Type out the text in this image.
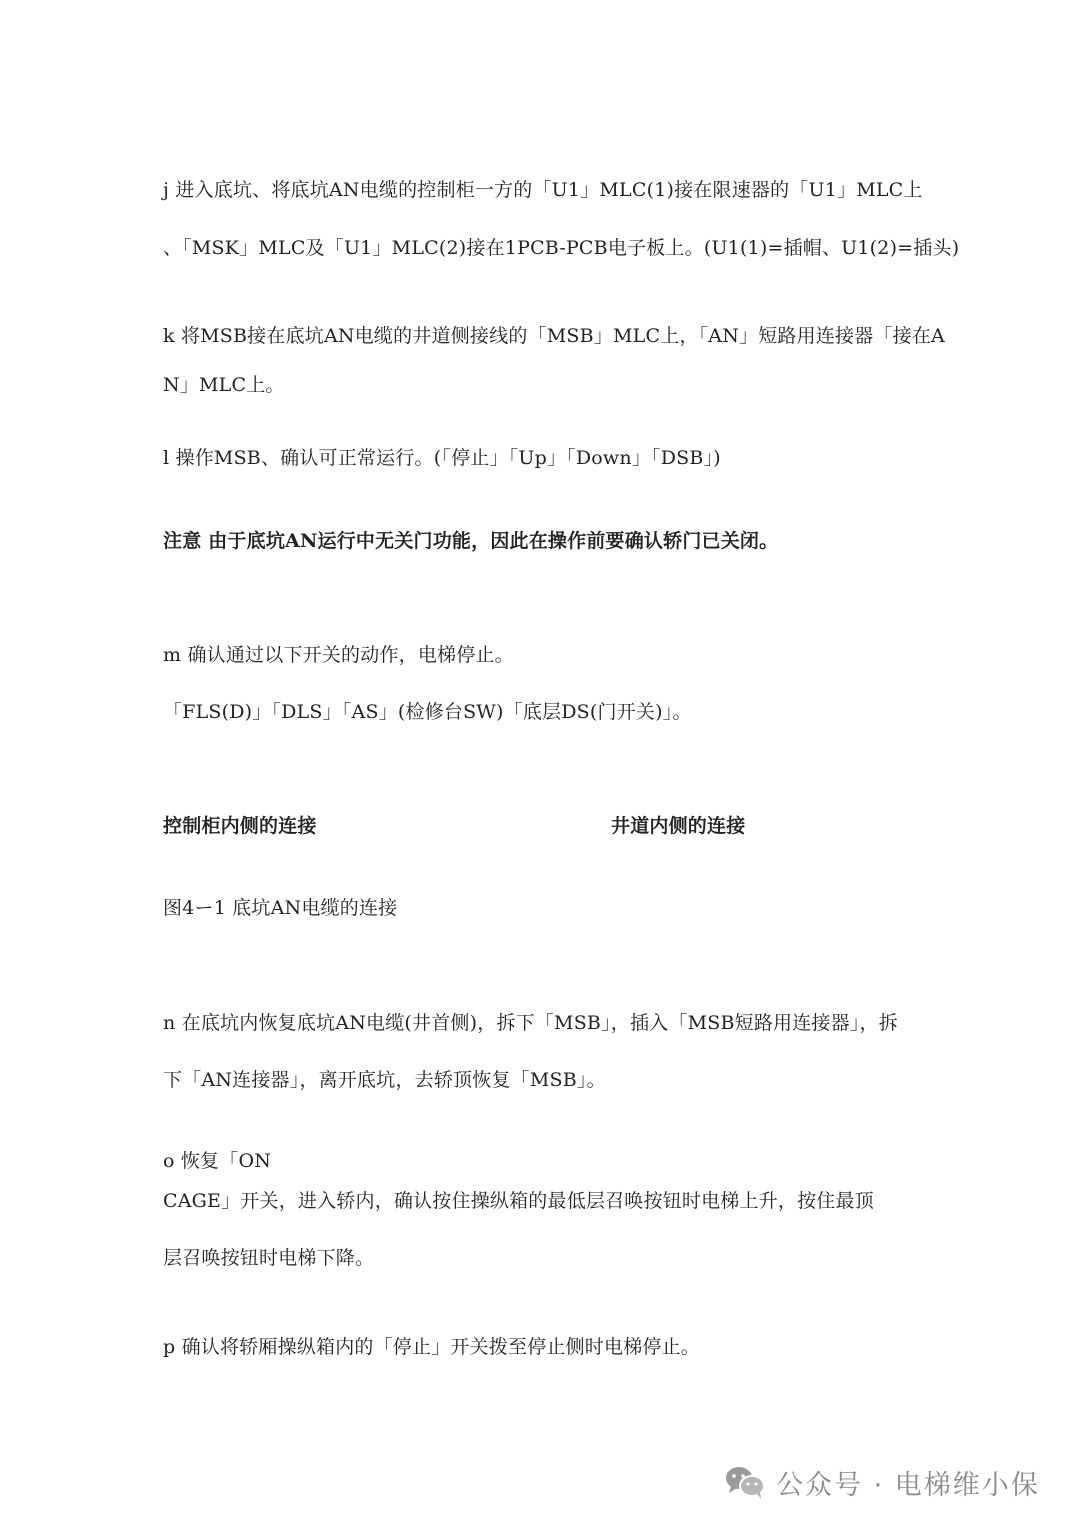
j 进入底坑、将底坑AN电缆的控制柜一方的「U1」MLC(1)接在限速器的「U1」MLC上
、「MSK」MLC及「U1」MLC(2)接在1PCB-PCB电子板上。(U1(1)=插帽、U1(2)=插头)
k 将MSB接在底坑AN电缆的井道侧接线的「MSB」MLC上，「AN」短路用连接器「接在A
N」MLC上。
l 操作MSB、确认可正常运行。(「停止」「Up」「Down」「DSB」)
注意 由于底坑AN运行中无关门功能，因此在操作前要确认轿门已关闭。
m 确认通过以下开关的动作，电梯停止。
「FLS(D)」「DLS」「AS」(检修台SW)「底层DS(门开关)」。
控制柜内侧的连接	井道内侧的连接
图4ー1 底坑AN电缆的连接
n 在底坑内恢复底坑AN电缆(井首侧)，拆下「MSB」，插入「MSB短路用连接器」，拆
下「AN连接器」，离开底坑，去轿顶恢复「MSB」。
o 恢复「ON
CAGE」开关，进入轿内，确认按住操纵箱的最低层召唤按钮时电梯上升，按住最顶
层召唤按钮时电梯下降。
p 确认将轿厢操纵箱内的「停止」开关拨至停止侧时电梯停止。
公众号 · 电梯维小保
